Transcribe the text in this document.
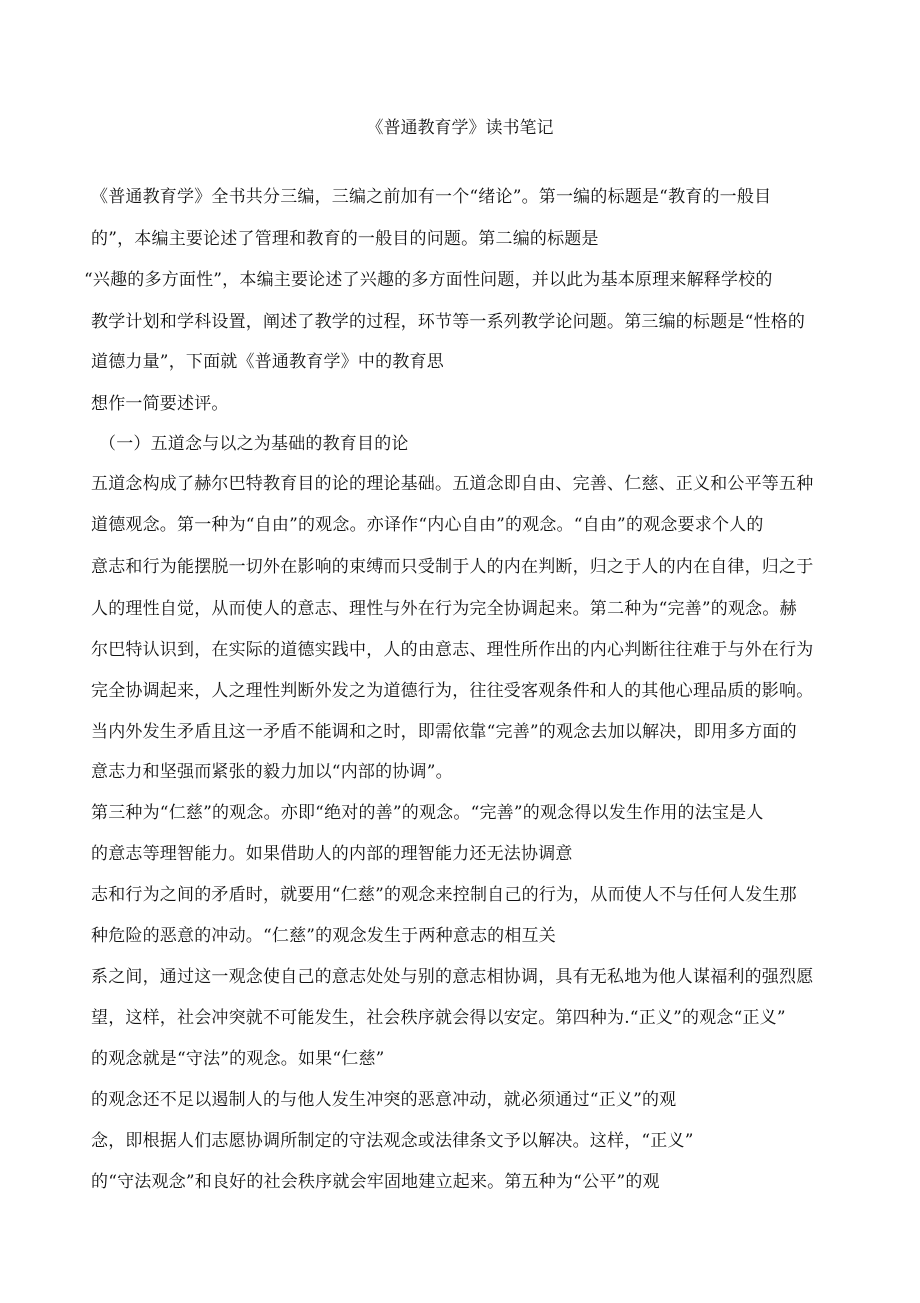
《普通教育学》读书笔记
《普通教育学》全书共分三编，三编之前加有一个“绪论”。第一编的标题是“教育的一般目
的”，本编主要论述了管理和教育的一般目的问题。第二编的标题是
“兴趣的多方面性”，本编主要论述了兴趣的多方面性问题，并以此为基本原理来解释学校的
教学计划和学科设置，阐述了教学的过程，环节等一系列教学论问题。第三编的标题是“性格的
道德力量”，下面就《普通教育学》中的教育思
想作一简要述评。
（一）五道念与以之为基础的教育目的论
五道念构成了赫尔巴特教育目的论的理论基础。五道念即自由、完善、仁慈、正义和公平等五种
道德观念。第一种为“自由”的观念。亦译作“内心自由”的观念。“自由”的观念要求个人的
意志和行为能摆脱一切外在影响的束缚而只受制于人的内在判断，归之于人的内在自律，归之于
人的理性自觉，从而使人的意志、理性与外在行为完全协调起来。第二种为“完善”的观念。赫
尔巴特认识到，在实际的道德实践中，人的由意志、理性所作出的内心判断往往难于与外在行为
完全协调起来，人之理性判断外发之为道德行为，往往受客观条件和人的其他心理品质的影响。
当内外发生矛盾且这一矛盾不能调和之时，即需依靠“完善”的观念去加以解决，即用多方面的
意志力和坚强而紧张的毅力加以“内部的协调”。
第三种为“仁慈”的观念。亦即“绝对的善”的观念。“完善”的观念得以发生作用的法宝是人
的意志等理智能力。如果借助人的内部的理智能力还无法协调意
志和行为之间的矛盾时，就要用“仁慈”的观念来控制自己的行为，从而使人不与任何人发生那
种危险的恶意的冲动。“仁慈”的观念发生于两种意志的相互关
系之间，通过这一观念使自己的意志处处与别的意志相协调，具有无私地为他人谋福利的强烈愿
望，这样，社会冲突就不可能发生，社会秩序就会得以安定。第四种为.“正义”的观念“正义”
的观念就是“守法”的观念。如果“仁慈”
的观念还不足以遏制人的与他人发生冲突的恶意冲动，就必须通过“正义”的观
念，即根据人们志愿协调所制定的守法观念或法律条文予以解决。这样，“正义”
的“守法观念”和良好的社会秩序就会牢固地建立起来。第五种为“公平”的观
